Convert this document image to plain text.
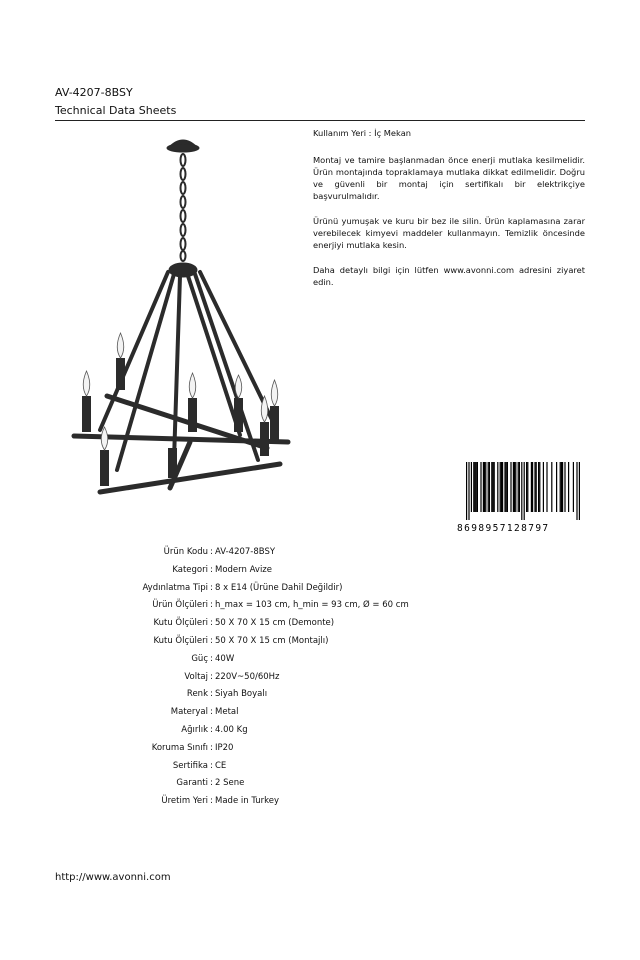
AV-4207-8BSY
Technical Data Sheets

Kullanım Yeri : İç Mekan

Montaj ve tamire başlanmadan önce enerji mutlaka kesilmelidir. Ürün montajında topraklamaya mutlaka dikkat edilmelidir. Doğru ve güvenli bir montaj için sertifikalı bir elektrikçiye başvurulmalıdır.

Ürünü yumuşak ve kuru bir bez ile silin. Ürün kaplamasına zarar verebilecek kimyevi maddeler kullanmayın. Temizlik öncesinde enerjiyi mutlaka kesin.

Daha detaylı bilgi için lütfen www.avonni.com adresini ziyaret edin.

8698957128797
Ürün Kodu : AV-4207-8BSY
Kategori : Modern Avize
Aydınlatma Tipi : 8 x E14 (Ürüne Dahil Değildir)
Ürün Ölçüleri : h_max = 103 cm, h_min = 93 cm, Ø = 60 cm
Kutu Ölçüleri : 50 X 70 X 15 cm (Demonte)
Kutu Ölçüleri : 50 X 70 X 15 cm (Montajlı)
Güç : 40W
Voltaj : 220V~50/60Hz
Renk : Siyah Boyalı
Materyal : Metal
Ağırlık : 4.00 Kg
Koruma Sınıfı : IP20
Sertifika : CE
Garanti : 2 Sene
Üretim Yeri : Made in Turkey
http://www.avonni.com
